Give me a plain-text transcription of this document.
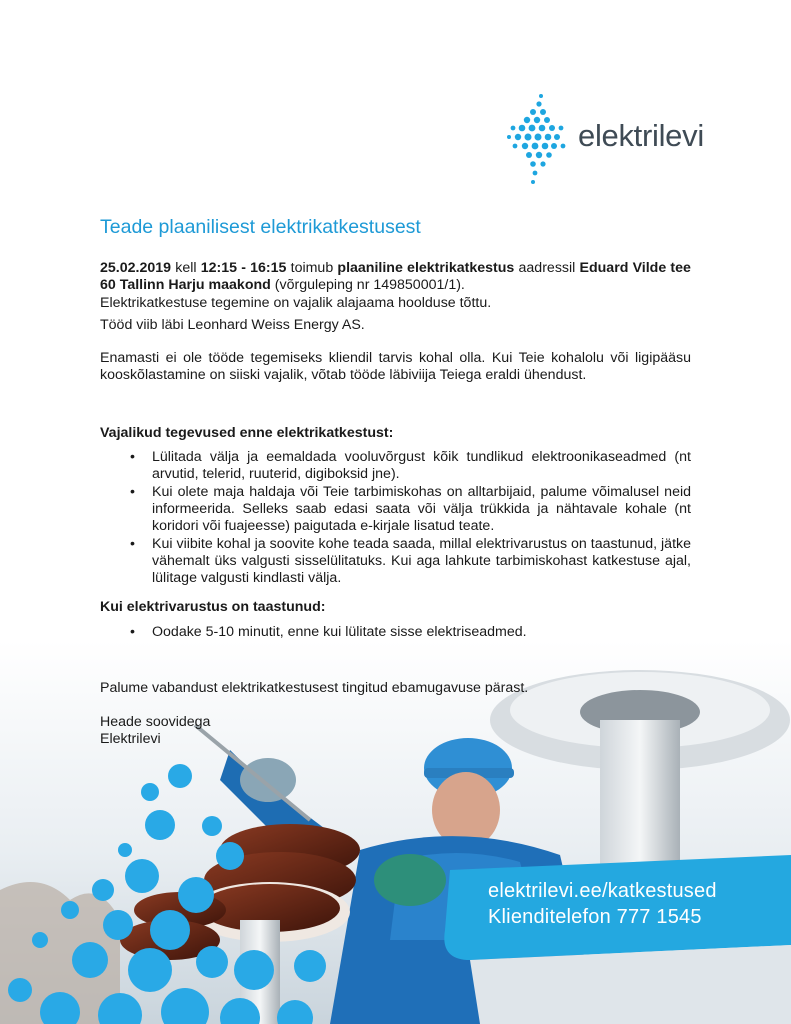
elektrilevi
Teade plaanilisest elektrikatkestusest
25.02.2019 kell 12:15 - 16:15 toimub plaaniline elektrikatkestus aadressil Eduard Vilde tee 60 Tallinn Harju maakond (võrguleping nr 149850001/1).
Elektrikatkestuse tegemine on vajalik alajaama hoolduse tõttu.
Tööd viib läbi Leonhard Weiss Energy AS.
Enamasti ei ole tööde tegemiseks kliendil tarvis kohal olla. Kui Teie kohalolu või ligipääsu kooskõlastamine on siiski vajalik, võtab tööde läbiviija Teiega eraldi ühendust.
Vajalikud tegevused enne elektrikatkestust:
• Lülitada välja ja eemaldada vooluvõrgust kõik tundlikud elektroonikaseadmed (nt arvutid, telerid, ruuterid, digiboksid jne).
• Kui olete maja haldaja või Teie tarbimiskohas on alltarbijaid, palume võimalusel neid informeerida. Selleks saab edasi saata või välja trükkida ja nähtavale kohale (nt koridori või fuajeesse) paigutada e-kirjale lisatud teate.
• Kui viibite kohal ja soovite kohe teada saada, millal elektrivarustus on taastunud, jätke vähemalt üks valgusti sisselülitatuks. Kui aga lahkute tarbimiskohast katkestuse ajal, lülitage valgusti kindlasti välja.
Kui elektrivarustus on taastunud:
• Oodake 5-10 minutit, enne kui lülitate sisse elektriseadmed.
•
Palume vabandust elektrikatkestusest tingitud ebamugavuse pärast.
Heade soovidega
Elektrilevi
elektrilevi.ee/katkestused
Klienditelefon 777 1545
